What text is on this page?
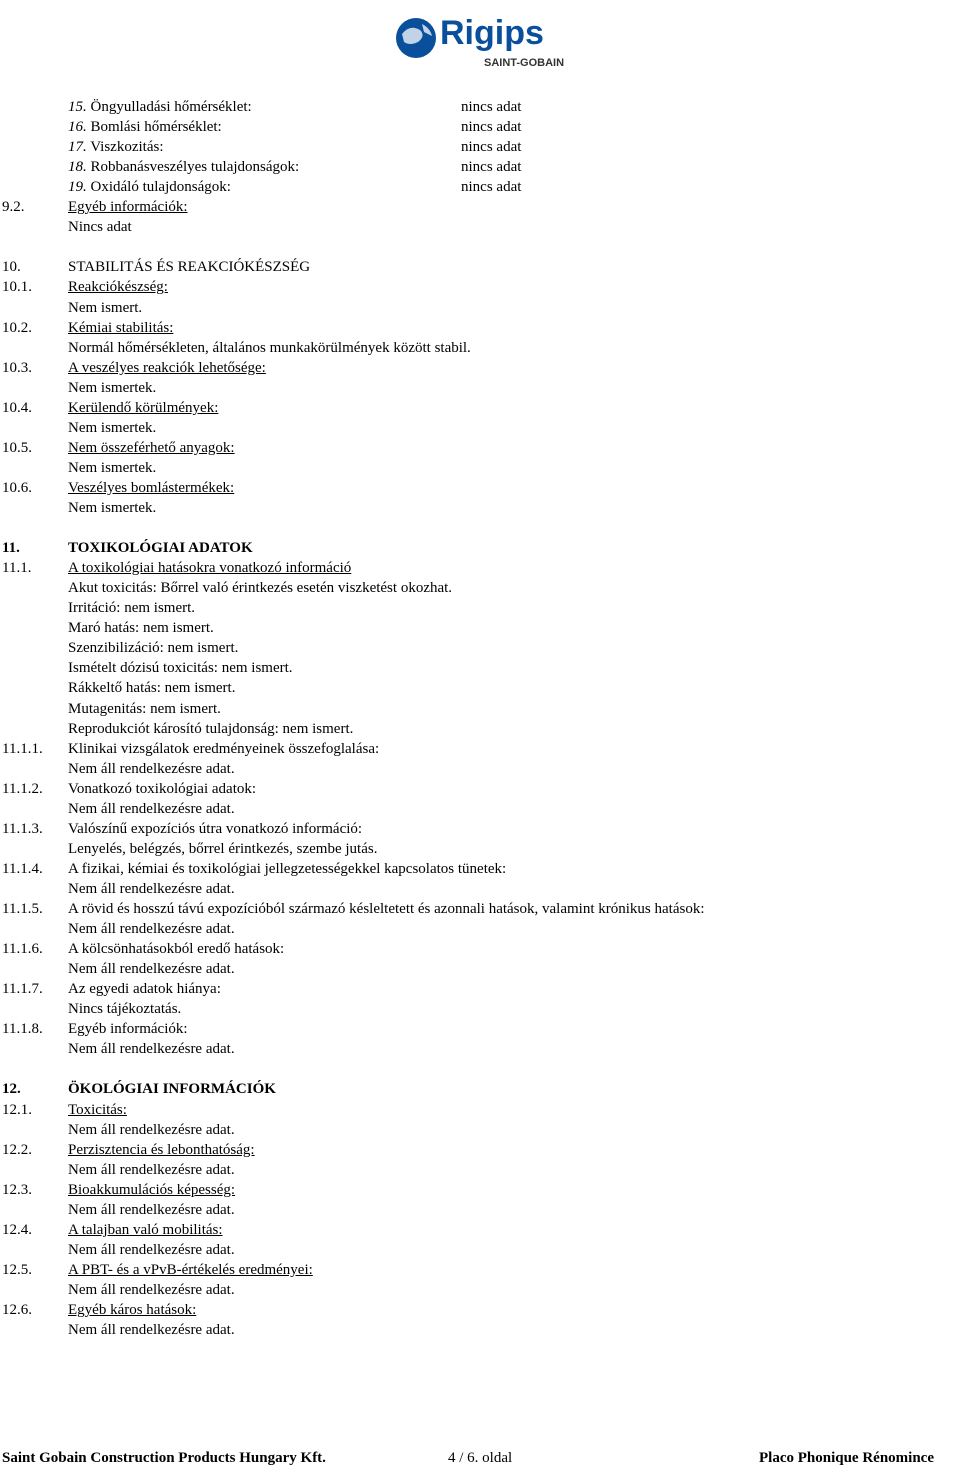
Elkészítés időpontja: 2011. szeptember 15.
Felülvizsgálat időpontja: -
Verziószám: 1
Rigips
SAINT-GOBAIN
http://www.biztonsagiadatlap.hu
15. Öngyulladási hőmérséklet:	nincs adat
16. Bomlási hőmérséklet:	nincs adat
17. Viszkozitás:	nincs adat
18. Robbanásveszélyes tulajdonságok:	nincs adat
19. Oxidáló tulajdonságok:	nincs adat
9.2.	Egyéb információk:
Nincs adat
10.	STABILITÁS ÉS REAKCIÓKÉSZSÉG
10.1. Reakciókészség:
Nem ismert.
10.2. Kémiai stabilitás:
Normál hőmérsékleten, általános munkakörülmények között stabil.
10.3. A veszélyes reakciók lehetősége:
Nem ismertek.
10.4. Kerülendő körülmények:
Nem ismertek.
10.5. Nem összeférhető anyagok:
Nem ismertek.
10.6. Veszélyes bomlástermékek:
Nem ismertek.
11.	TOXIKOLÓGIAI ADATOK
11.1. A toxikológiai hatásokra vonatkozó információ
Akut toxicitás: Bőrrel való érintkezés esetén viszketést okozhat.
Irritáció: nem ismert.
Maró hatás: nem ismert.
Szenzibilizáció: nem ismert.
Ismételt dózisú toxicitás: nem ismert.
Rákkeltő hatás: nem ismert.
Mutagenitás: nem ismert.
Reprodukciót károsító tulajdonság: nem ismert.
11.1.1. Klinikai vizsgálatok eredményeinek összefoglalása:
Nem áll rendelkezésre adat.
11.1.2. Vonatkozó toxikológiai adatok:
Nem áll rendelkezésre adat.
11.1.3. Valószínű expozíciós útra vonatkozó információ:
Lenyelés, belégzés, bőrrel érintkezés, szembe jutás.
11.1.4. A fizikai, kémiai és toxikológiai jellegzetességekkel kapcsolatos tünetek:
Nem áll rendelkezésre adat.
11.1.5. A rövid és hosszú távú expozícióból származó késleltetett és azonnali hatások, valamint krónikus hatások:
Nem áll rendelkezésre adat.
11.1.6. A kölcsönhatásokból eredő hatások:
Nem áll rendelkezésre adat.
11.1.7. Az egyedi adatok hiánya:
Nincs tájékoztatás.
11.1.8. Egyéb információk:
Nem áll rendelkezésre adat.
12.	ÖKOLÓGIAI INFORMÁCIÓK
12.1. Toxicitás:
Nem áll rendelkezésre adat.
12.2. Perzisztencia és lebonthatóság:
Nem áll rendelkezésre adat.
12.3. Bioakkumulációs képesség:
Nem áll rendelkezésre adat.
12.4. A talajban való mobilitás:
Nem áll rendelkezésre adat.
12.5. A PBT- és a vPvB-értékelés eredményei:
Nem áll rendelkezésre adat.
12.6. Egyéb káros hatások:
Nem áll rendelkezésre adat.
Saint Gobain Construction Products Hungary Kft.	4 / 6. oldal	Placo Phonique Rénomince
